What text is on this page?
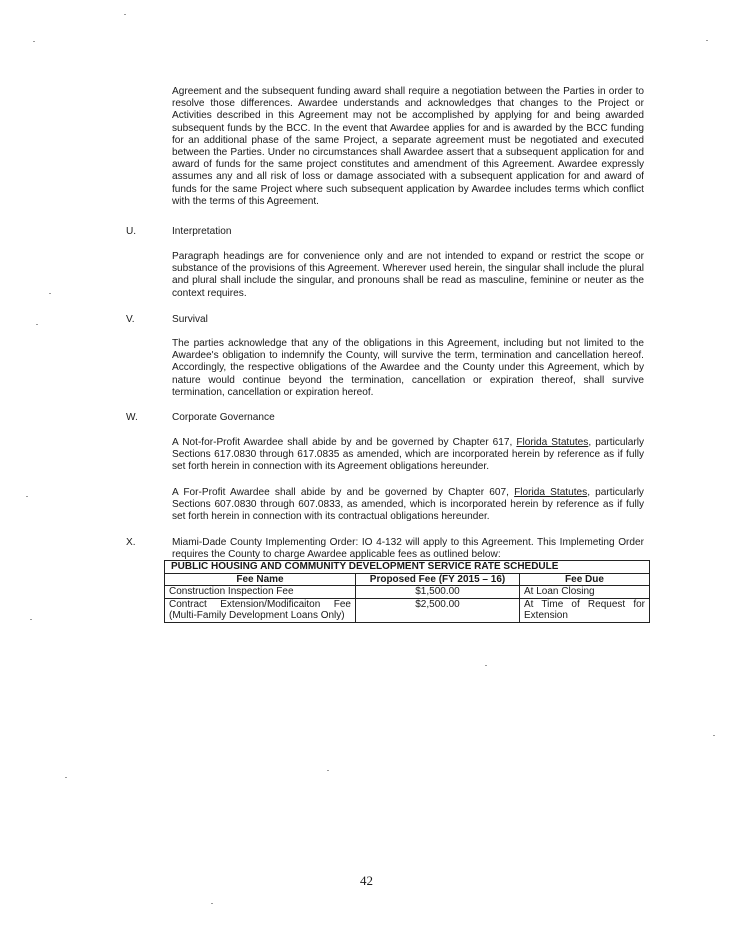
Agreement and the subsequent funding award shall require a negotiation between the Parties in order to resolve those differences. Awardee understands and acknowledges that changes to the Project or Activities described in this Agreement may not be accomplished by applying for and being awarded subsequent funds by the BCC. In the event that Awardee applies for and is awarded by the BCC funding for an additional phase of the same Project, a separate agreement must be negotiated and executed between the Parties. Under no circumstances shall Awardee assert that a subsequent application for and award of funds for the same project constitutes and amendment of this Agreement. Awardee expressly assumes any and all risk of loss or damage associated with a subsequent application for and award of funds for the same Project where such subsequent application by Awardee includes terms which conflict with the terms of this Agreement.

U.	Interpretation

Paragraph headings are for convenience only and are not intended to expand or restrict the scope or substance of the provisions of this Agreement. Wherever used herein, the singular shall include the plural and plural shall include the singular, and pronouns shall be read as masculine, feminine or neuter as the context requires.

V.	Survival

The parties acknowledge that any of the obligations in this Agreement, including but not limited to the Awardee's obligation to indemnify the County, will survive the term, termination and cancellation hereof. Accordingly, the respective obligations of the Awardee and the County under this Agreement, which by nature would continue beyond the termination, cancellation or expiration thereof, shall survive termination, cancellation or expiration hereof.

W.	Corporate Governance

A Not-for-Profit Awardee shall abide by and be governed by Chapter 617, Florida Statutes, particularly Sections 617.0830 through 617.0835 as amended, which are incorporated herein by reference as if fully set forth herein in connection with its Agreement obligations hereunder.

A For-Profit Awardee shall abide by and be governed by Chapter 607, Florida Statutes, particularly Sections 607.0830 through 607.0833, as amended, which is incorporated herein by reference as if fully set forth herein in connection with its contractual obligations hereunder.

X.	Miami-Dade County Implementing Order: IO 4-132 will apply to this Agreement. This Implemeting Order requires the County to charge Awardee applicable fees as outlined below:

PUBLIC HOUSING AND COMMUNITY DEVELOPMENT SERVICE RATE SCHEDULE		
Fee Name	Proposed Fee (FY 2015 – 16)	Fee Due
Construction Inspection Fee	$1,500.00	At Loan Closing
Contract Extension/Modificaiton Fee (Multi-Family Development Loans Only)	$2,500.00	At Time of Request for Extension
42
